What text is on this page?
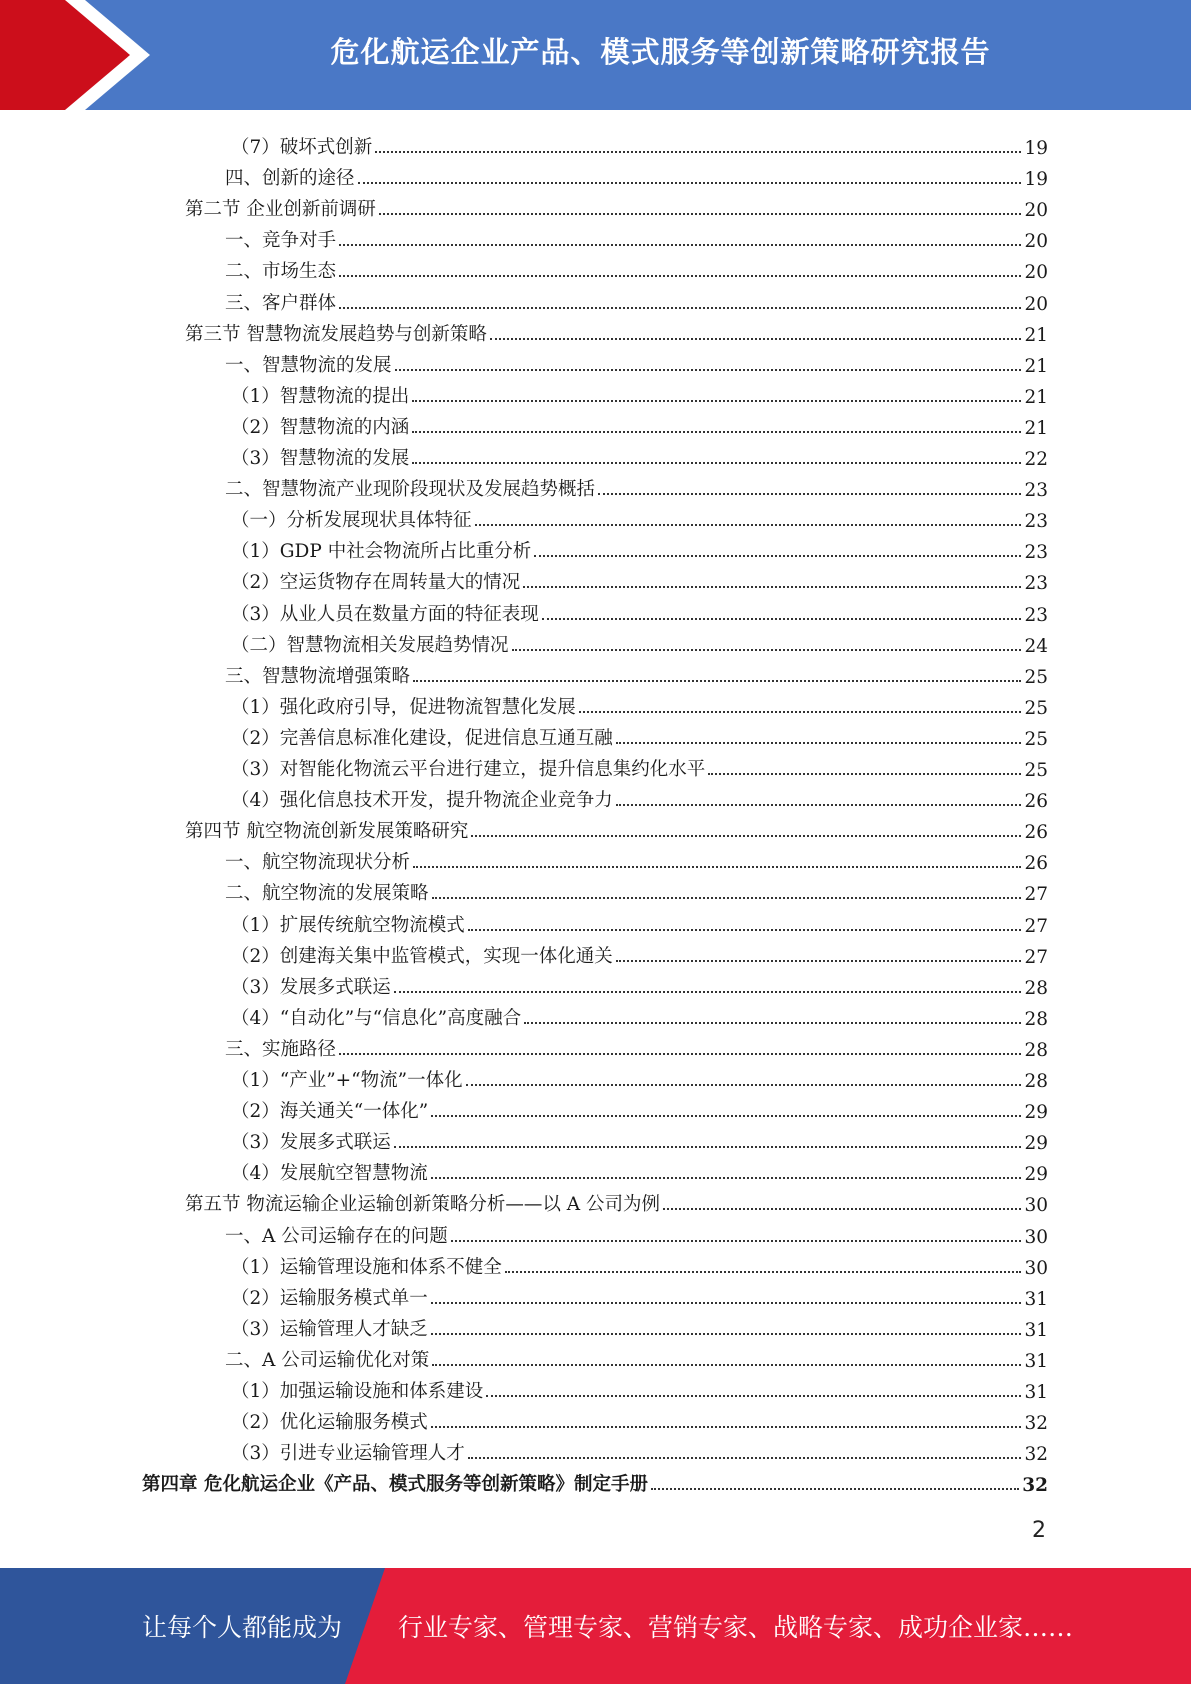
危化航运企业产品、模式服务等创新策略研究报告
（7）破坏式创新	19
四、创新的途径	19
第二节 企业创新前调研	20
一、竞争对手	20
二、市场生态	20
三、客户群体	20
第三节 智慧物流发展趋势与创新策略	21
一、智慧物流的发展	21
（1）智慧物流的提出	21
（2）智慧物流的内涵	21
（3）智慧物流的发展	22
二、智慧物流产业现阶段现状及发展趋势概括	23
（一）分析发展现状具体特征	23
（1）GDP 中社会物流所占比重分析	23
（2）空运货物存在周转量大的情况	23
（3）从业人员在数量方面的特征表现	23
（二）智慧物流相关发展趋势情况	24
三、智慧物流增强策略	25
（1）强化政府引导，促进物流智慧化发展	25
（2）完善信息标准化建设，促进信息互通互融	25
（3）对智能化物流云平台进行建立，提升信息集约化水平	25
（4）强化信息技术开发，提升物流企业竞争力	26
第四节 航空物流创新发展策略研究	26
一、航空物流现状分析	26
二、航空物流的发展策略	27
（1）扩展传统航空物流模式	27
（2）创建海关集中监管模式，实现一体化通关	27
（3）发展多式联运	28
（4）“自动化”与“信息化”高度融合	28
三、实施路径	28
（1）“产业”+“物流”一体化	28
（2）海关通关“一体化”	29
（3）发展多式联运	29
（4）发展航空智慧物流	29
第五节 物流运输企业运输创新策略分析——以 A 公司为例	30
一、A 公司运输存在的问题	30
（1）运输管理设施和体系不健全	30
（2）运输服务模式单一	31
（3）运输管理人才缺乏	31
二、A 公司运输优化对策	31
（1）加强运输设施和体系建设	31
（2）优化运输服务模式	32
（3）引进专业运输管理人才	32
第四章 危化航运企业《产品、模式服务等创新策略》制定手册	32
2
让每个人都能成为 行业专家、管理专家、营销专家、战略专家、成功企业家……
